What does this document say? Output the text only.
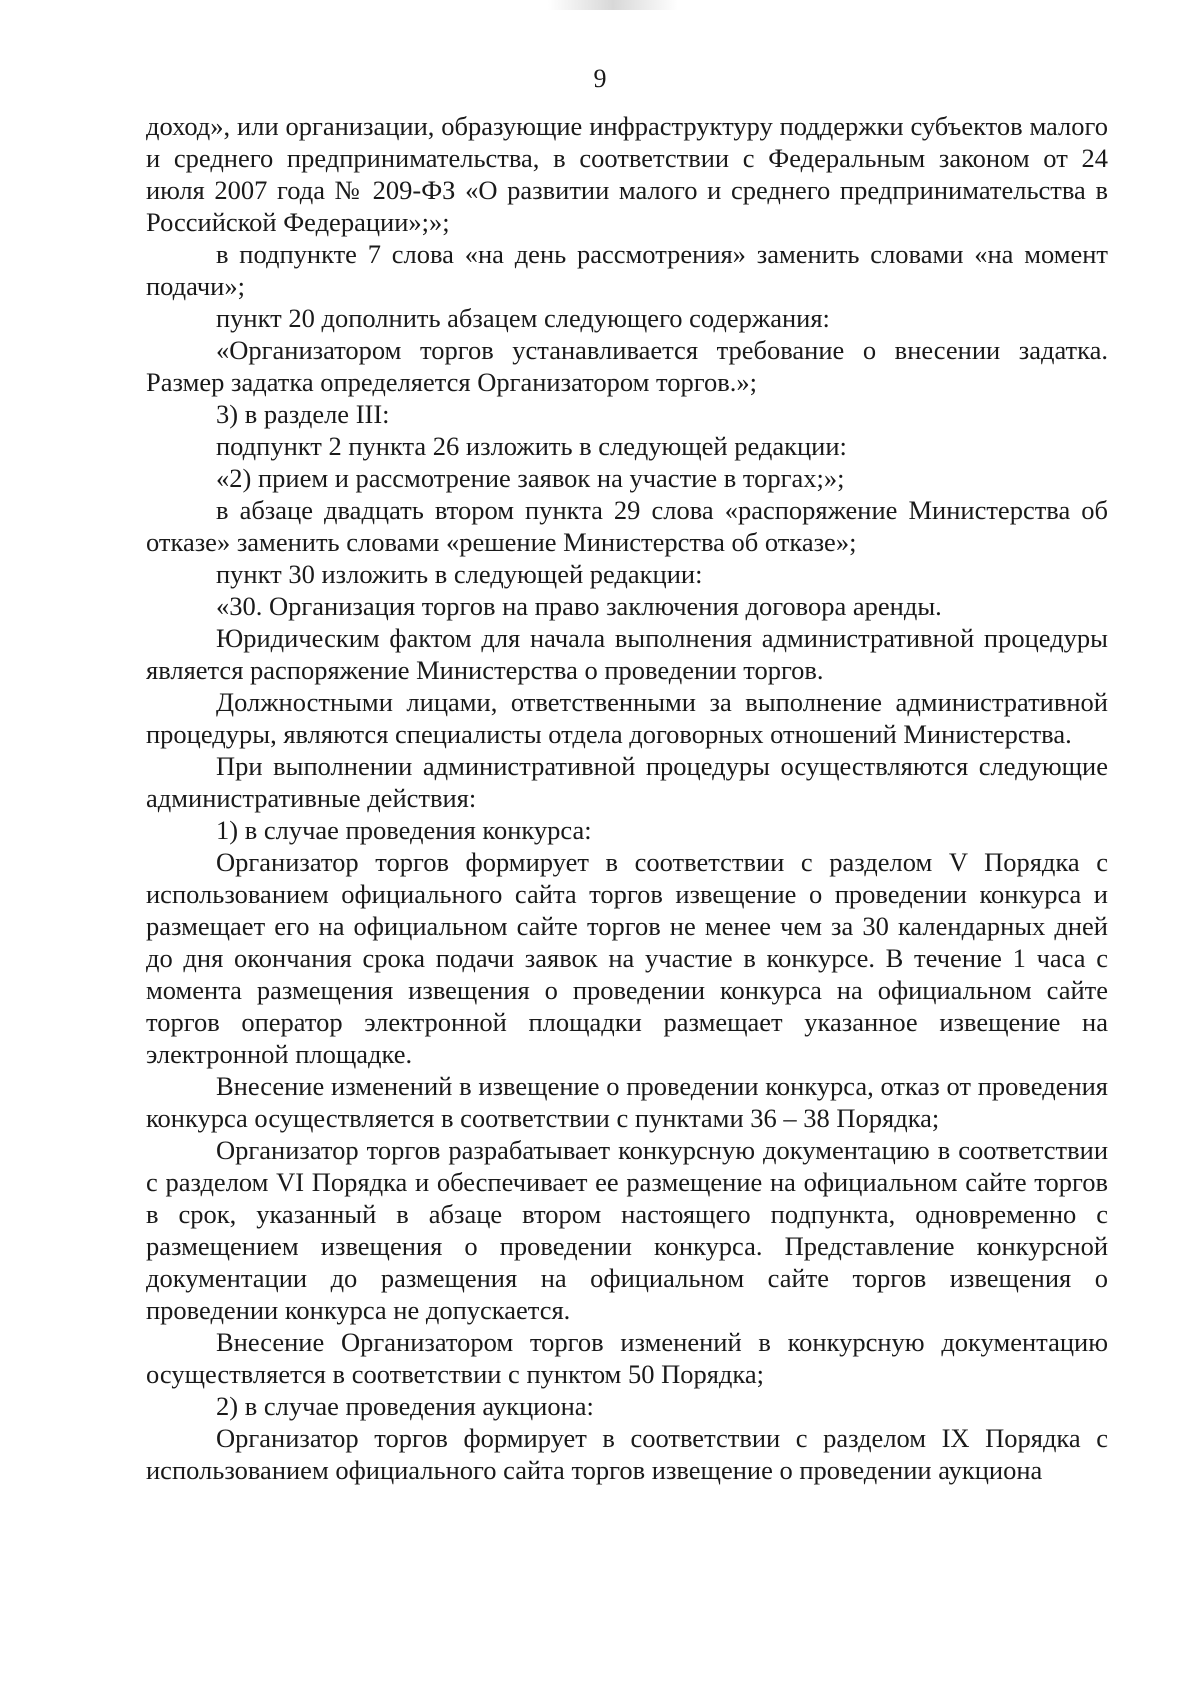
9

доход», или организации, образующие инфраструктуру поддержки субъектов малого и среднего предпринимательства, в соответствии с Федеральным законом от 24 июля 2007 года № 209-ФЗ «О развитии малого и среднего предпринимательства в Российской Федерации»;»;

в подпункте 7 слова «на день рассмотрения» заменить словами «на момент подачи»;

пункт 20 дополнить абзацем следующего содержания:

«Организатором торгов устанавливается требование о внесении задатка. Размер задатка определяется Организатором торгов.»;

3) в разделе III:

подпункт 2 пункта 26 изложить в следующей редакции:

«2) прием и рассмотрение заявок на участие в торгах;»;

в абзаце двадцать втором пункта 29 слова «распоряжение Министерства об отказе» заменить словами «решение Министерства об отказе»;

пункт 30 изложить в следующей редакции:

«30. Организация торгов на право заключения договора аренды.

Юридическим фактом для начала выполнения административной процедуры является распоряжение Министерства о проведении торгов.

Должностными лицами, ответственными за выполнение административной процедуры, являются специалисты отдела договорных отношений Министерства.

При выполнении административной процедуры осуществляются следующие административные действия:

1) в случае проведения конкурса:

Организатор торгов формирует в соответствии с разделом V Порядка с использованием официального сайта торгов извещение о проведении конкурса и размещает его на официальном сайте торгов не менее чем за 30 календарных дней до дня окончания срока подачи заявок на участие в конкурсе. В течение 1 часа с момента размещения извещения о проведении конкурса на официальном сайте торгов оператор электронной площадки размещает указанное извещение на электронной площадке.

Внесение изменений в извещение о проведении конкурса, отказ от проведения конкурса осуществляется в соответствии с пунктами 36 – 38 Порядка;

Организатор торгов разрабатывает конкурсную документацию в соответствии с разделом VI Порядка и обеспечивает ее размещение на официальном сайте торгов в срок, указанный в абзаце втором настоящего подпункта, одновременно с размещением извещения о проведении конкурса. Представление конкурсной документации до размещения на официальном сайте торгов извещения о проведении конкурса не допускается.

Внесение Организатором торгов изменений в конкурсную документацию осуществляется в соответствии с пунктом 50 Порядка;

2) в случае проведения аукциона:

Организатор торгов формирует в соответствии с разделом IX Порядка с использованием официального сайта торгов извещение о проведении аукциона
